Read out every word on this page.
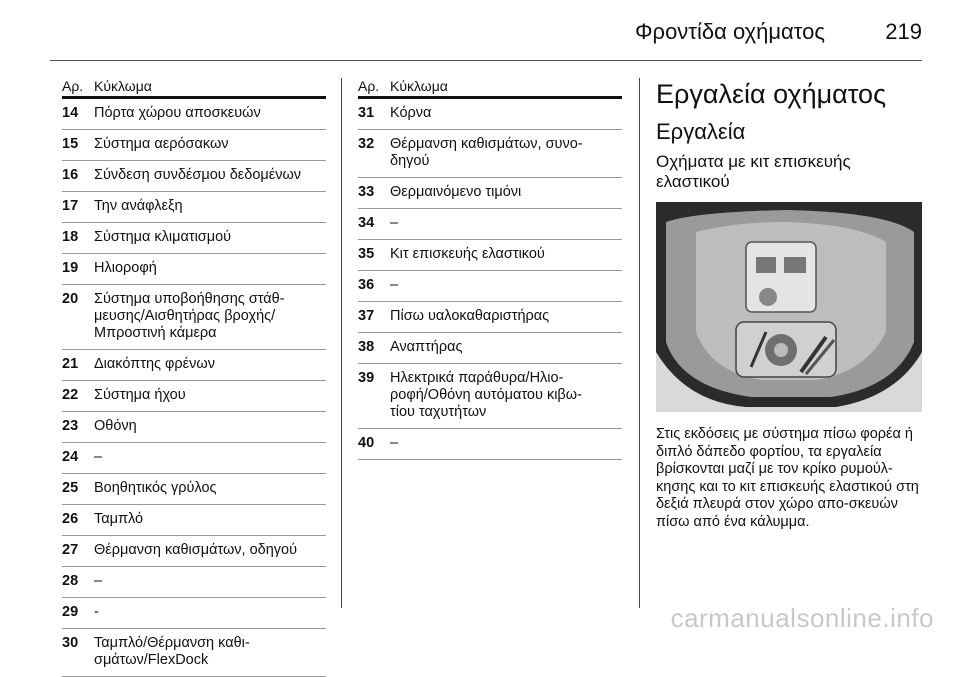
Φροντίδα οχήματος	219
Αρ. Κύκλωμα
14	Πόρτα χώρου αποσκευών
15	Σύστημα αερόσακων
16	Σύνδεση συνδέσμου δεδομένων
17	Την ανάφλεξη
18	Σύστημα κλιματισμού
19	Ηλιοροφή
20	Σύστημα υποβοήθησης στάθ-
μευσης/Αισθητήρας βροχής/
Μπροστινή κάμερα
21	Διακόπτης φρένων
22	Σύστημα ήχου
23	Οθόνη
24	–
25	Βοηθητικός γρύλος
26	Ταμπλό
27	Θέρμανση καθισμάτων, οδηγού
28	–
29	-
30	Ταμπλό/Θέρμανση καθι-
σμάτων/FlexDock
Αρ. Κύκλωμα
31	Κόρνα
32	Θέρμανση καθισμάτων, συνο-
δηγού
33	Θερμαινόμενο τιμόνι
34	–
35	Κιτ επισκευής ελαστικού
36	–
37	Πίσω υαλοκαθαριστήρας
38	Αναπτήρας
39	Ηλεκτρικά παράθυρα/Ηλιο-
ροφή/Οθόνη αυτόματου κιβω-
τίου ταχυτήτων
40	–
Εργαλεία οχήματος
Εργαλεία
Οχήματα με κιτ επισκευής ελαστικού
Στις εκδόσεις με σύστημα πίσω φορέα ή διπλό δάπεδο φορτίου, τα εργαλεία βρίσκονται μαζί με τον κρίκο ρυμούλ-κησης και το κιτ επισκευής ελαστικού στη δεξιά πλευρά στον χώρο απο-σκευών πίσω από ένα κάλυμμα.
carmanualsonline.info
